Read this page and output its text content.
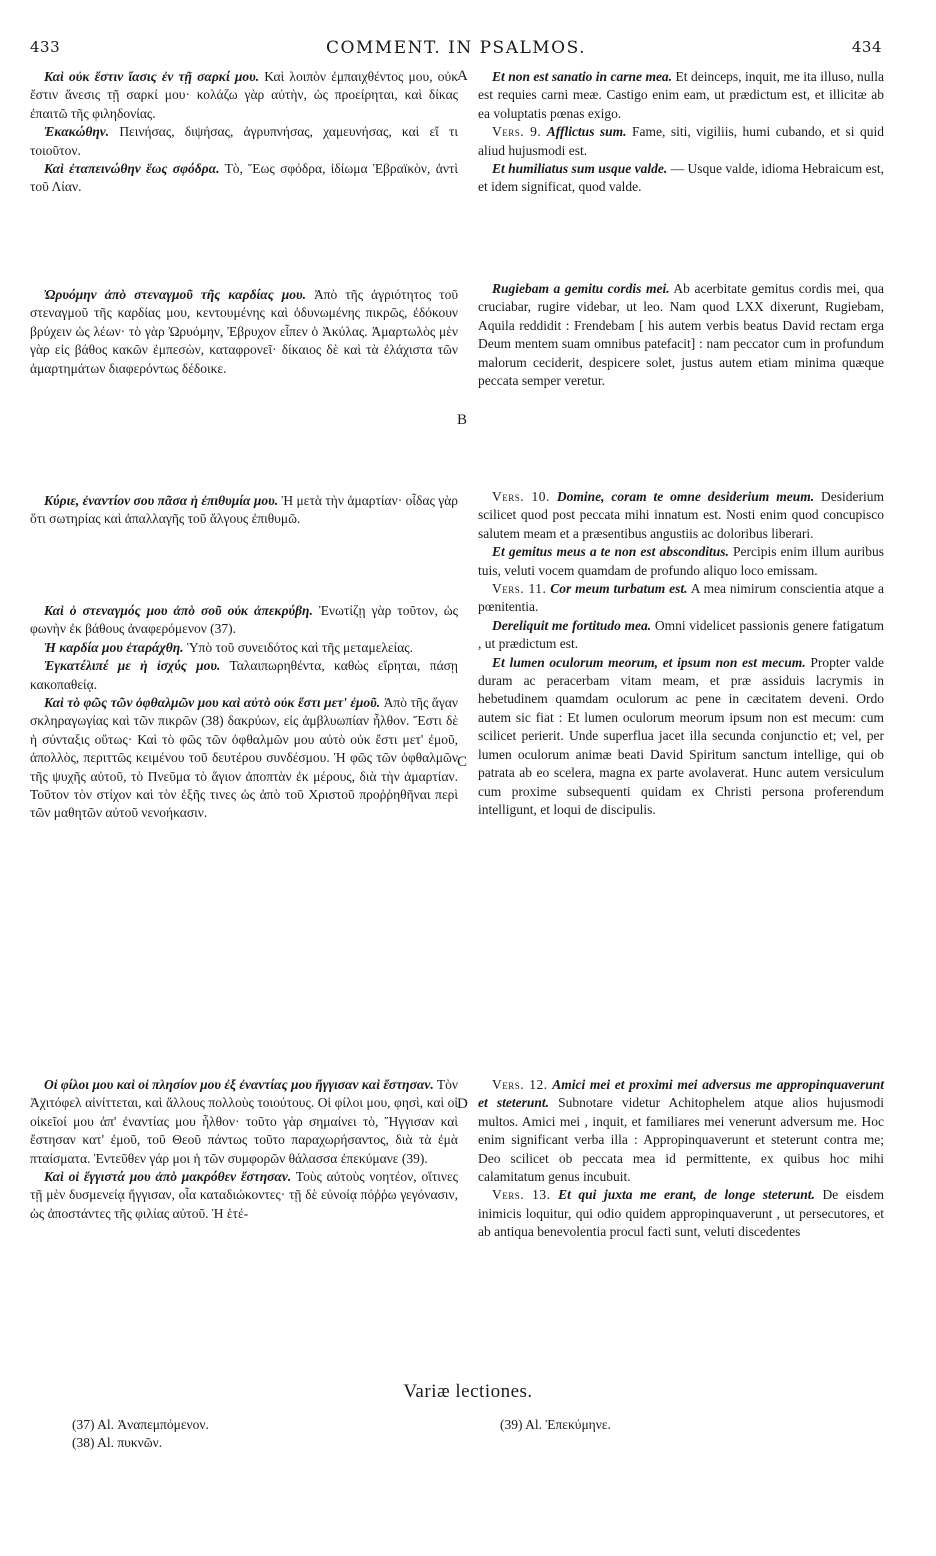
433	COMMENT. IN PSALMOS.	434
A
B
C
D

Καὶ οὐκ ἔστιν ἴασις ἐν τῇ σαρκί μου. Καὶ λοιπὸν ἐμπαιχθέντος μου, οὐκ ἔστιν ἄνεσις τῇ σαρκί μου· κολάζω γὰρ αὐτὴν, ὡς προείρηται, καὶ δίκας ἐπαιτῶ τῆς φιληδονίας.

Ἐκακώθην. Πεινήσας, διψήσας, ἀγρυπνήσας, χαμευνήσας, καὶ εἴ τι τοιοῦτον.

Καὶ ἐταπεινώθην ἕως σφόδρα. Τὸ, Ἕως σφόδρα, ἰδίωμα Ἑβραϊκὸν, ἀντὶ τοῦ Λίαν.

Ὠρυόμην ἀπὸ στεναγμοῦ τῆς καρδίας μου. Ἀπὸ τῆς ἀγριότητος τοῦ στεναγμοῦ τῆς καρδίας μου, κεντουμένης καὶ ὀδυνωμένης πικρῶς, ἐδόκουν βρύχειν ὡς λέων· τὸ γὰρ Ὠρυόμην, Ἐβρυχον εἶπεν ὁ Ἀκύλας. Ἁμαρτωλὸς μὲν γὰρ εἰς βάθος κακῶν ἐμπεσὼν, καταφρονεῖ· δίκαιος δὲ καὶ τὰ ἐλάχιστα τῶν ἁμαρτημάτων διαφερόντως δέδοικε.

Κύριε, ἐναντίον σου πᾶσα ἡ ἐπιθυμία μου. Ἡ μετὰ τὴν ἁμαρτίαν· οἶδας γὰρ ὅτι σωτηρίας καὶ ἀπαλλαγῆς τοῦ ἄλγους ἐπιθυμῶ.

Καὶ ὁ στεναγμός μου ἀπὸ σοῦ οὐκ ἀπεκρύβη. Ἐνωτίζῃ γὰρ τοῦτον, ὡς φωνὴν ἐκ βάθους ἀναφερόμενον (37).

Ἡ καρδία μου ἐταράχθη. Ὑπὸ τοῦ συνειδότος καὶ τῆς μεταμελείας.

Ἐγκατέλιπέ με ἡ ἰσχύς μου. Ταλαιπωρηθέντα, καθὼς εἴρηται, πάσῃ κακοπαθείᾳ.

Καὶ τὸ φῶς τῶν ὀφθαλμῶν μου καὶ αὐτὸ οὐκ ἔστι μετ' ἐμοῦ. Ἀπὸ τῆς ἄγαν σκληραγωγίας καὶ τῶν πικρῶν (38) δακρύων, εἰς ἀμβλυωπίαν ἦλθον. Ἔστι δὲ ἡ σύνταξις οὕτως· Καὶ τὸ φῶς τῶν ὀφθαλμῶν μου αὐτὸ οὐκ ἔστι μετ' ἐμοῦ, ἀπολλὸς, περιττῶς κειμένου τοῦ δευτέρου συνδέσμου. Ἡ φῶς τῶν ὀφθαλμῶν τῆς ψυχῆς αὐτοῦ, τὸ Πνεῦμα τὸ ἅγιον ἀποπτὰν ἐκ μέρους, διὰ τὴν ἁμαρτίαν. Τοῦτον τὸν στίχον καὶ τὸν ἑξῆς τινες ὡς ἀπὸ τοῦ Χριστοῦ προῤῥηθῆναι περὶ τῶν μαθητῶν αὐτοῦ νενοήκασιν.

Οἱ φίλοι μου καὶ οἱ πλησίον μου ἐξ ἐναντίας μου ἤγγισαν καὶ ἔστησαν. Τὸν Ἀχιτόφελ αἰνίττεται, καὶ ἄλλους πολλοὺς τοιούτους. Οἱ φίλοι μου, φησὶ, καὶ οἱ οἰκεῖοί μου ἀπ' ἐναντίας μου ἦλθον· τοῦτο γὰρ σημαίνει τὸ, Ἤγγισαν καὶ ἔστησαν κατ' ἐμοῦ, τοῦ Θεοῦ πάντως τοῦτο παραχωρήσαντος, διὰ τὰ ἐμὰ πταίσματα. Ἐντεῦθεν γάρ μοι ἡ τῶν συμφορῶν θάλασσα ἐπεκύμανε (39).

Καὶ οἱ ἔγγιστά μου ἀπὸ μακρόθεν ἔστησαν. Τοὺς αὐτοὺς νοητέον, οἵτινες τῇ μὲν δυσμενείᾳ ἤγγισαν, οἷα καταδιώκοντες· τῇ δὲ εὐνοίᾳ πόῤῥω γεγόνασιν, ὡς ἀποστάντες τῆς φιλίας αὐτοῦ. Ἡ ἑτέ-

Et non est sanatio in carne mea. Et deinceps, inquit, me ita illuso, nulla est requies carni meæ. Castigo enim eam, ut prædictum est, et illicitæ ab ea voluptatis pœnas exigo.

Vers. 9. Afflictus sum. Fame, siti, vigiliis, humi cubando, et si quid aliud hujusmodi est.

Et humiliatus sum usque valde. — Usque valde, idioma Hebraicum est, et idem significat, quod valde.

Rugiebam a gemitu cordis mei. Ab acerbitate gemitus cordis mei, qua cruciabar, rugire videbar, ut leo. Nam quod LXX dixerunt, Rugiebam, Aquila reddidit : Frendebam [ his autem verbis beatus David rectam erga Deum mentem suam omnibus patefacit] : nam peccator cum in profundum malorum ceciderit, despicere solet, justus autem etiam minima quæque peccata semper veretur.

Vers. 10. Domine, coram te omne desiderium meum. Desiderium scilicet quod post peccata mihi innatum est. Nosti enim quod concupisco salutem meam et a præsentibus angustiis ac doloribus liberari.

Et gemitus meus a te non est absconditus. Percipis enim illum auribus tuis, veluti vocem quamdam de profundo aliquo loco emissam.

Vers. 11. Cor meum turbatum est. A mea nimirum conscientia atque a pœnitentia.

Dereliquit me fortitudo mea. Omni videlicet passionis genere fatigatum , ut prædictum est.

Et lumen oculorum meorum, et ipsum non est mecum. Propter valde duram ac peracerbam vitam meam, et præ assiduis lacrymis in hebetudinem quamdam oculorum ac pene in cæcitatem deveni. Ordo autem sic fiat : Et lumen oculorum meorum ipsum non est mecum: cum scilicet perierit. Unde superflua jacet illa secunda conjunctio et; vel, per lumen oculorum animæ beati David Spiritum sanctum intellige, qui ob patrata ab eo scelera, magna ex parte avolaverat. Hunc autem versiculum cum proxime subsequenti quidam ex Christi persona proferendum intelligunt, et loqui de discipulis.

Vers. 12. Amici mei et proximi mei adversus me appropinquaverunt et steterunt. Subnotare videtur Achitophelem atque alios hujusmodi multos. Amici mei , inquit, et familiares mei venerunt adversum me. Hoc enim significant verba illa : Appropinquaverunt et steterunt contra me; Deo scilicet ob peccata mea id permittente, ex quibus hoc mihi calamitatum genus incubuit.

Vers. 13. Et qui juxta me erant, de longe steterunt. De eisdem inimicis loquitur, qui odio quidem appropinquaverunt , ut persecutores, et ab antiqua benevolentia procul facti sunt, veluti discedentes

Variæ lectiones.
(37) Al. Ἀναπεμπόμενον.
(38) Al. πυκνῶν.
(39) Al. Ἐπεκύμηνε.
